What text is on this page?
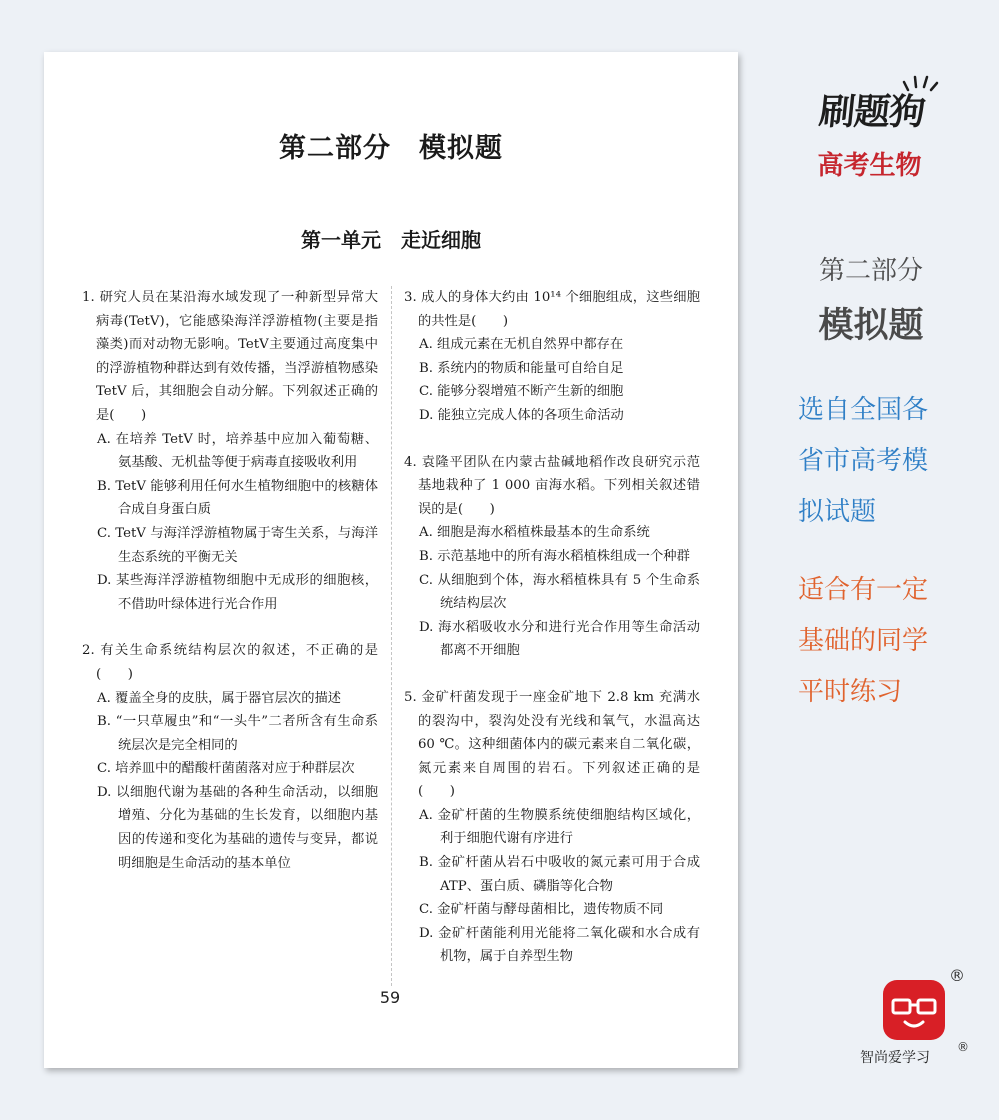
第二部分　模拟题
第一单元　走近细胞
1. 研究人员在某沿海水域发现了一种新型异常大病毒(TetV)，它能感染海洋浮游植物(主要是指藻类)而对动物无影响。TetV主要通过高度集中的浮游植物种群达到有效传播，当浮游植物感染 TetV 后，其细胞会自动分解。下列叙述正确的是(　　)
A. 在培养 TetV 时，培养基中应加入葡萄糖、氨基酸、无机盐等便于病毒直接吸收利用
B. TetV 能够利用任何水生植物细胞中的核糖体合成自身蛋白质
C. TetV 与海洋浮游植物属于寄生关系，与海洋生态系统的平衡无关
D. 某些海洋浮游植物细胞中无成形的细胞核，不借助叶绿体进行光合作用
2. 有关生命系统结构层次的叙述，不正确的是(　　)
A. 覆盖全身的皮肤，属于器官层次的描述
B. “一只草履虫”和“一头牛”二者所含有生命系统层次是完全相同的
C. 培养皿中的醋酸杆菌菌落对应于种群层次
D. 以细胞代谢为基础的各种生命活动，以细胞增殖、分化为基础的生长发育，以细胞内基因的传递和变化为基础的遗传与变异，都说明细胞是生命活动的基本单位
3. 成人的身体大约由 10¹⁴ 个细胞组成，这些细胞的共性是(　　)
A. 组成元素在无机自然界中都存在
B. 系统内的物质和能量可自给自足
C. 能够分裂增殖不断产生新的细胞
D. 能独立完成人体的各项生命活动
4. 袁隆平团队在内蒙古盐碱地稻作改良研究示范基地栽种了 1 000 亩海水稻。下列相关叙述错误的是(　　)
A. 细胞是海水稻植株最基本的生命系统
B. 示范基地中的所有海水稻植株组成一个种群
C. 从细胞到个体，海水稻植株具有 5 个生命系统结构层次
D. 海水稻吸收水分和进行光合作用等生命活动都离不开细胞
5. 金矿杆菌发现于一座金矿地下 2.8 km 充满水的裂沟中，裂沟处没有光线和氧气，水温高达 60 ℃。这种细菌体内的碳元素来自二氧化碳，氮元素来自周围的岩石。下列叙述正确的是(　　)
A. 金矿杆菌的生物膜系统使细胞结构区域化，利于细胞代谢有序进行
B. 金矿杆菌从岩石中吸收的氮元素可用于合成 ATP、蛋白质、磷脂等化合物
C. 金矿杆菌与酵母菌相比，遗传物质不同
D. 金矿杆菌能利用光能将二氧化碳和水合成有机物，属于自养型生物
59
刷题狗
高考生物
第二部分
模拟题
选自全国各
省市高考模
拟试题
适合有一定
基础的同学
平时练习
®
智尚爱学习
®
